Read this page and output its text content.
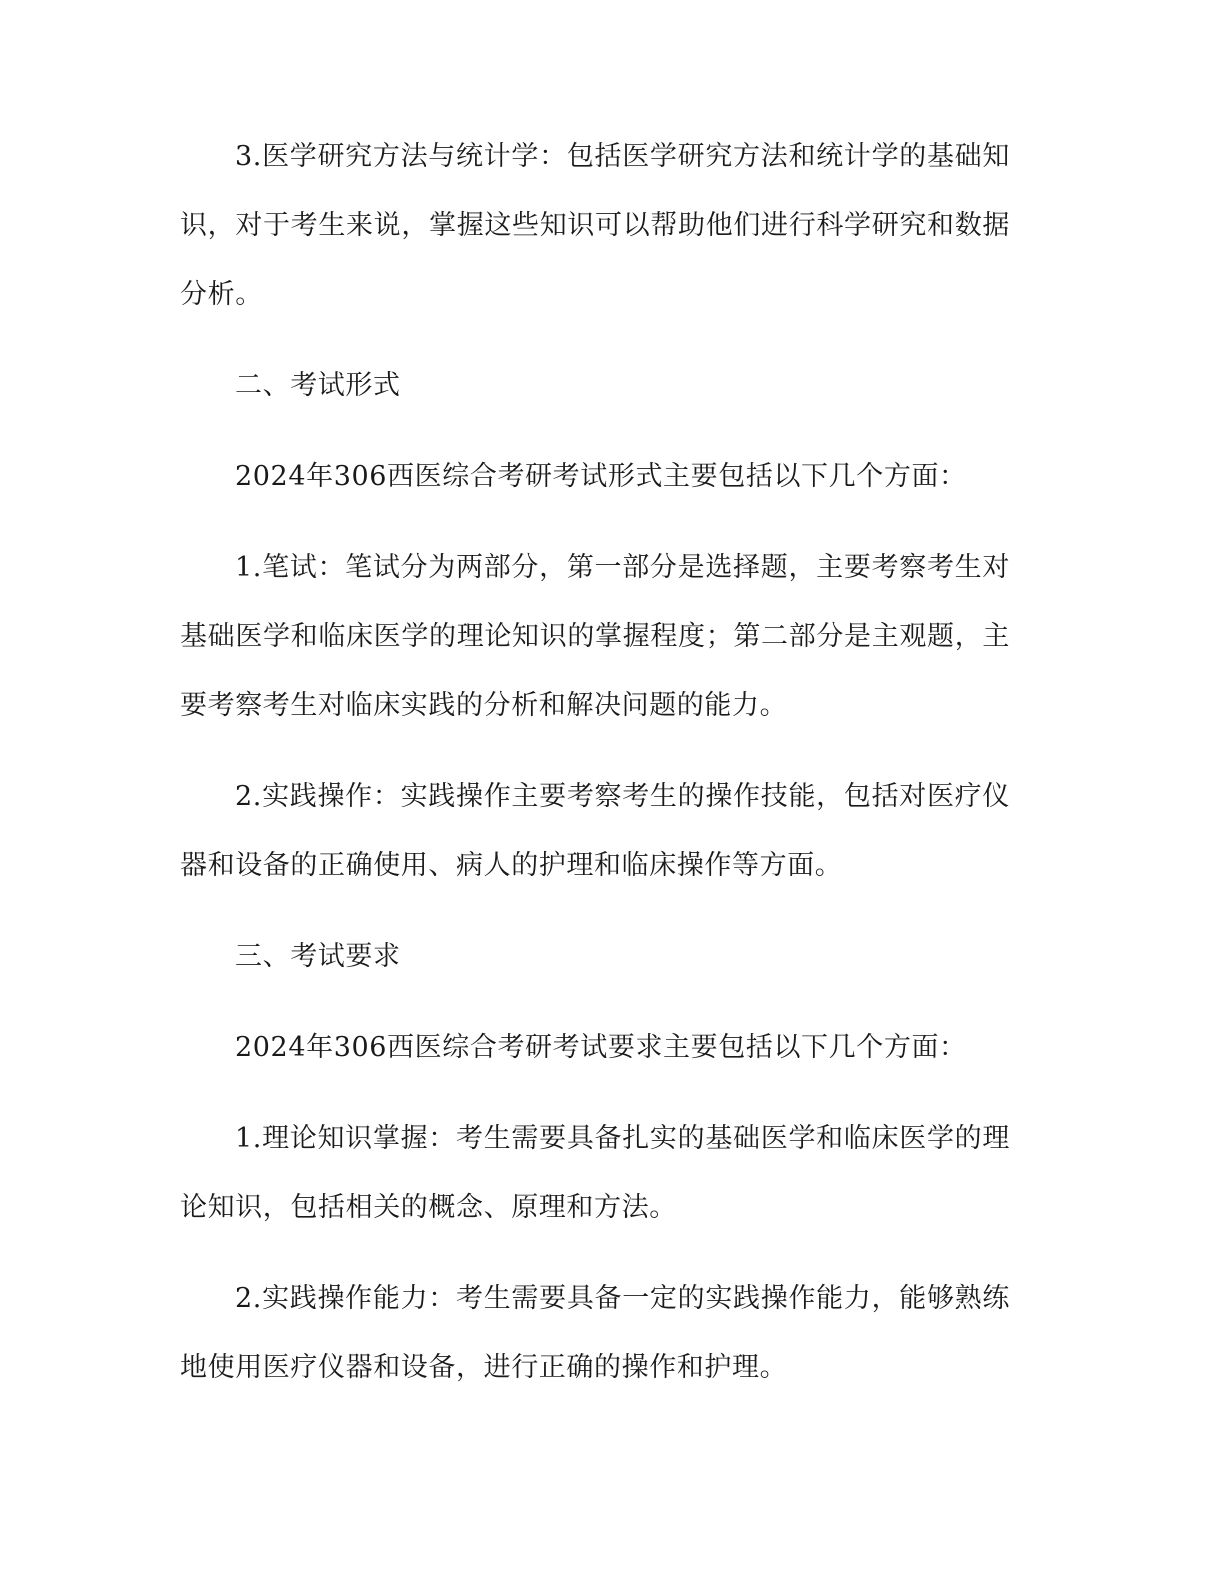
3.医学研究方法与统计学：包括医学研究方法和统计学的基础知识，对于考生来说，掌握这些知识可以帮助他们进行科学研究和数据分析。

二、考试形式

2024年306西医综合考研考试形式主要包括以下几个方面：

1.笔试：笔试分为两部分，第一部分是选择题，主要考察考生对基础医学和临床医学的理论知识的掌握程度；第二部分是主观题，主要考察考生对临床实践的分析和解决问题的能力。

2.实践操作：实践操作主要考察考生的操作技能，包括对医疗仪器和设备的正确使用、病人的护理和临床操作等方面。

三、考试要求

2024年306西医综合考研考试要求主要包括以下几个方面：

1.理论知识掌握：考生需要具备扎实的基础医学和临床医学的理论知识，包括相关的概念、原理和方法。

2.实践操作能力：考生需要具备一定的实践操作能力，能够熟练地使用医疗仪器和设备，进行正确的操作和护理。
